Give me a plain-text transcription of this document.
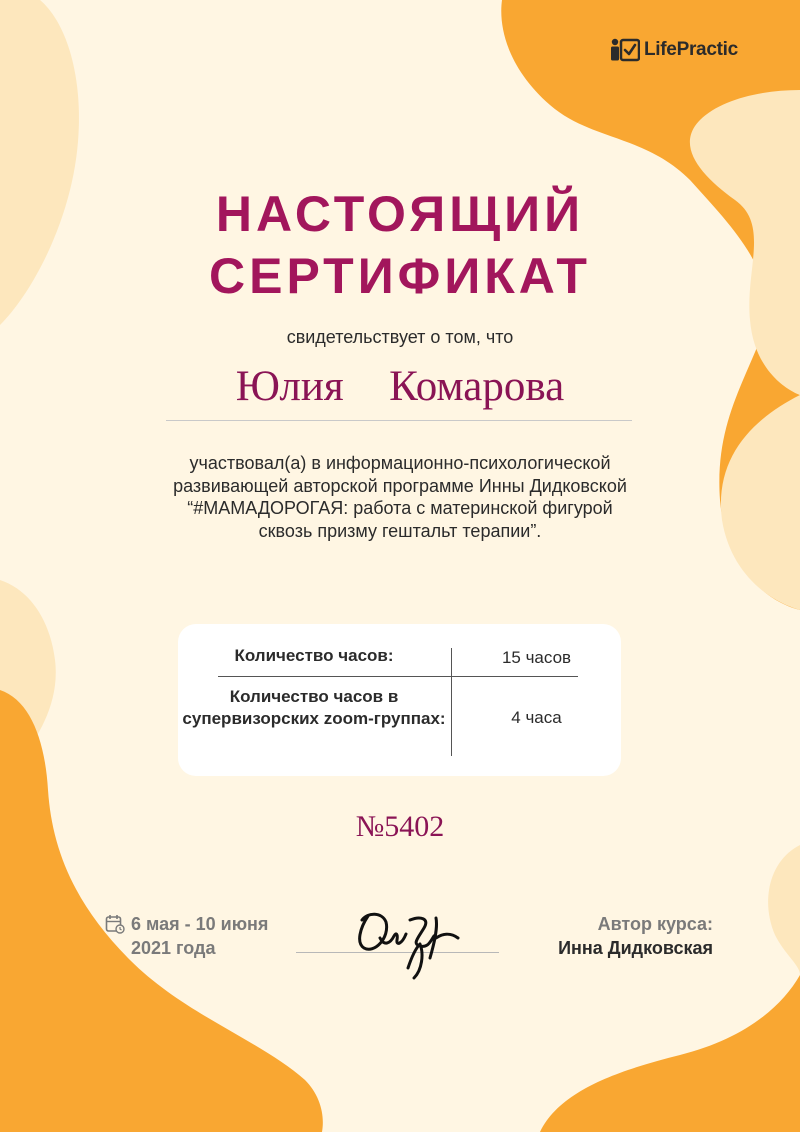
LifePractic
НАСТОЯЩИЙ
СЕРТИФИКАТ
свидетельствует о том, что
Юлия  Комарова
участвовал(а) в информационно-психологической развивающей авторской программе Инны Дидковской “#МАМАДОРОГАЯ: работа с материнской фигурой сквозь призму гештальт терапии”.
Количество часов:	15 часов
Количество часов в супервизорских zoom-группах:	4 часа
№5402
6 мая - 10 июня
2021 года
Автор курса:
Инна Дидковская
